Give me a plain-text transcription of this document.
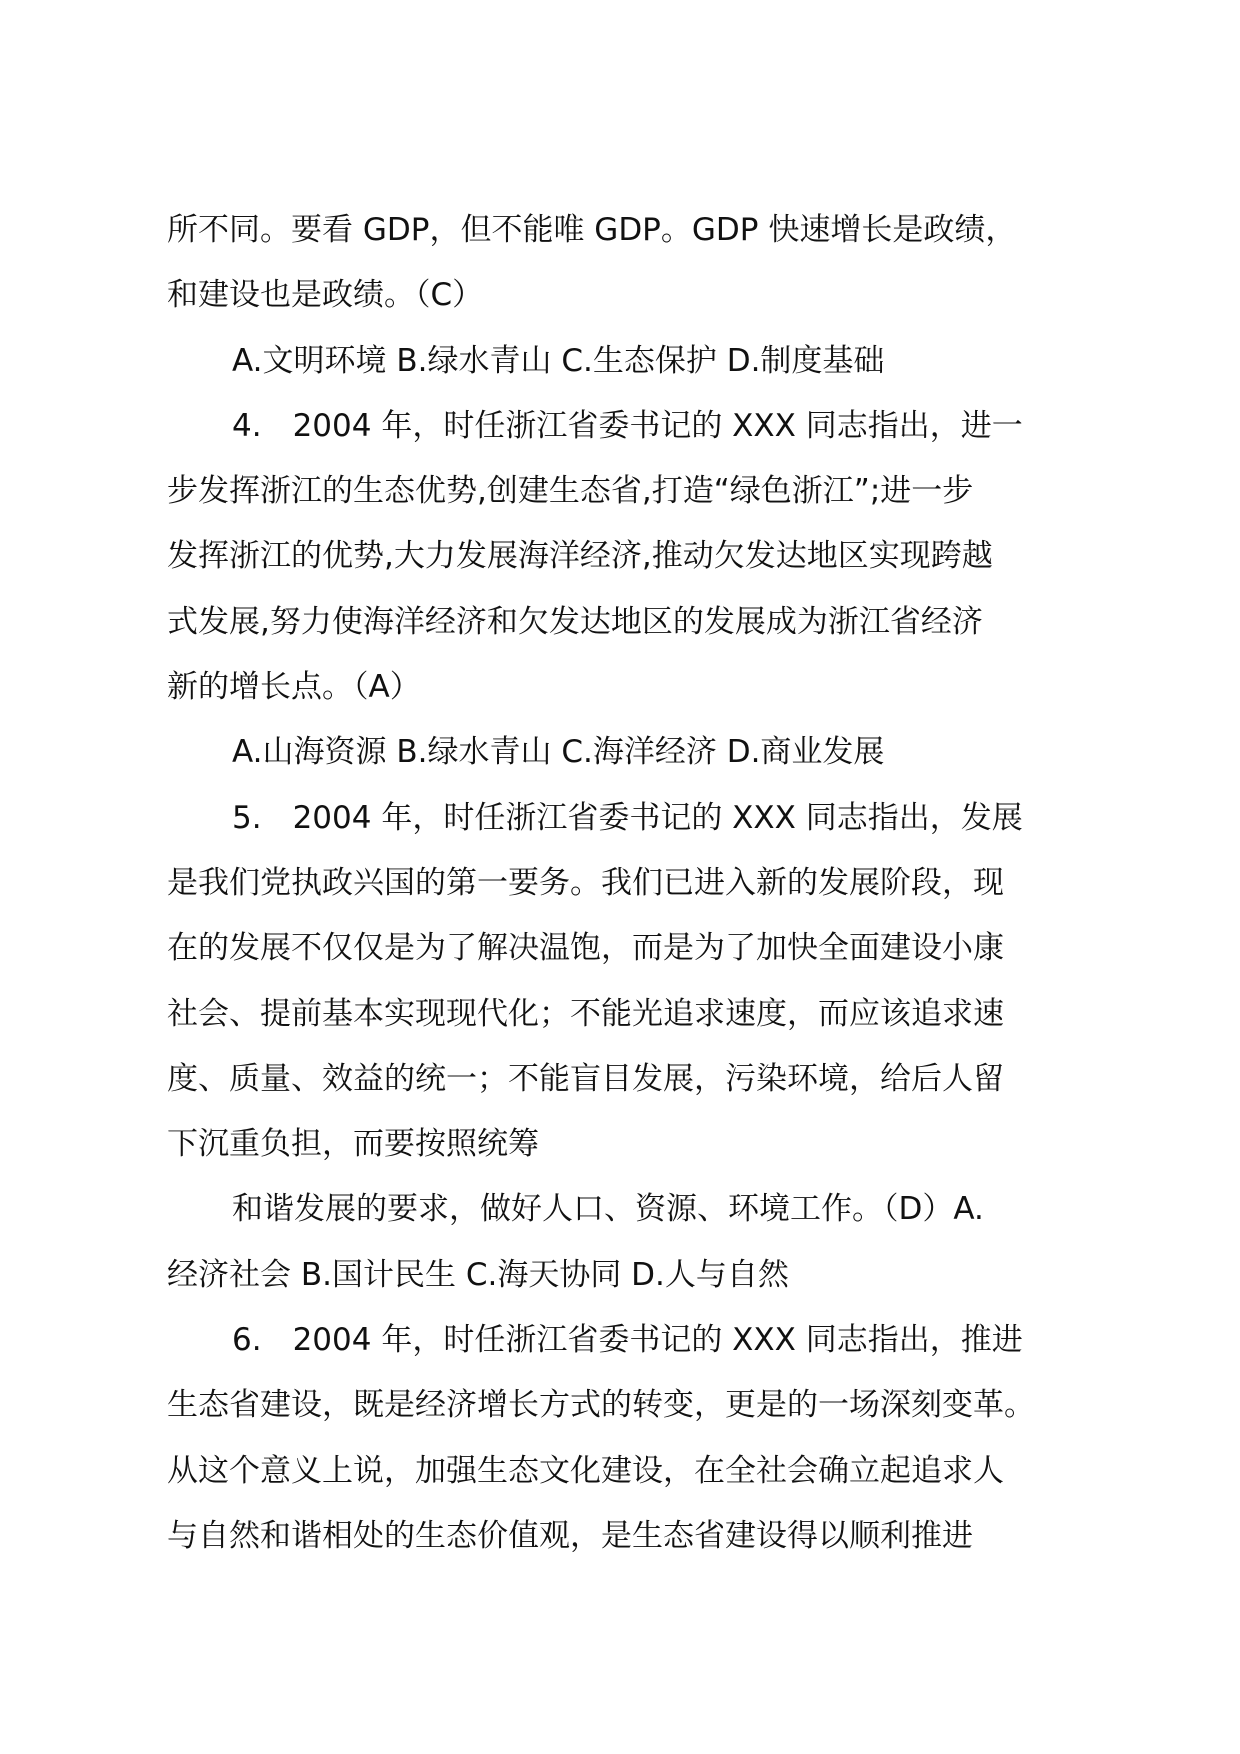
所不同。要看 GDP，但不能唯 GDP。GDP 快速增长是政绩，

和建设也是政绩。（C）

A.文明环境 B.绿水青山 C.生态保护 D.制度基础

4.　2004 年，时任浙江省委书记的 XXX 同志指出，进一

步发挥浙江的生态优势,创建生态省,打造“绿色浙江”;进一步

发挥浙江的优势,大力发展海洋经济,推动欠发达地区实现跨越

式发展,努力使海洋经济和欠发达地区的发展成为浙江省经济

新的增长点。（A）

A.山海资源 B.绿水青山 C.海洋经济 D.商业发展

5.　2004 年，时任浙江省委书记的 XXX 同志指出，发展

是我们党执政兴国的第一要务。我们已进入新的发展阶段，现

在的发展不仅仅是为了解决温饱，而是为了加快全面建设小康

社会、提前基本实现现代化；不能光追求速度，而应该追求速

度、质量、效益的统一；不能盲目发展，污染环境，给后人留

下沉重负担，而要按照统筹

和谐发展的要求，做好人口、资源、环境工作。（D）A.

经济社会 B.国计民生 C.海天协同 D.人与自然

6.　2004 年，时任浙江省委书记的 XXX 同志指出，推进

生态省建设，既是经济增长方式的转变，更是的一场深刻变革。

从这个意义上说，加强生态文化建设，在全社会确立起追求人

与自然和谐相处的生态价值观，是生态省建设得以顺利推进
